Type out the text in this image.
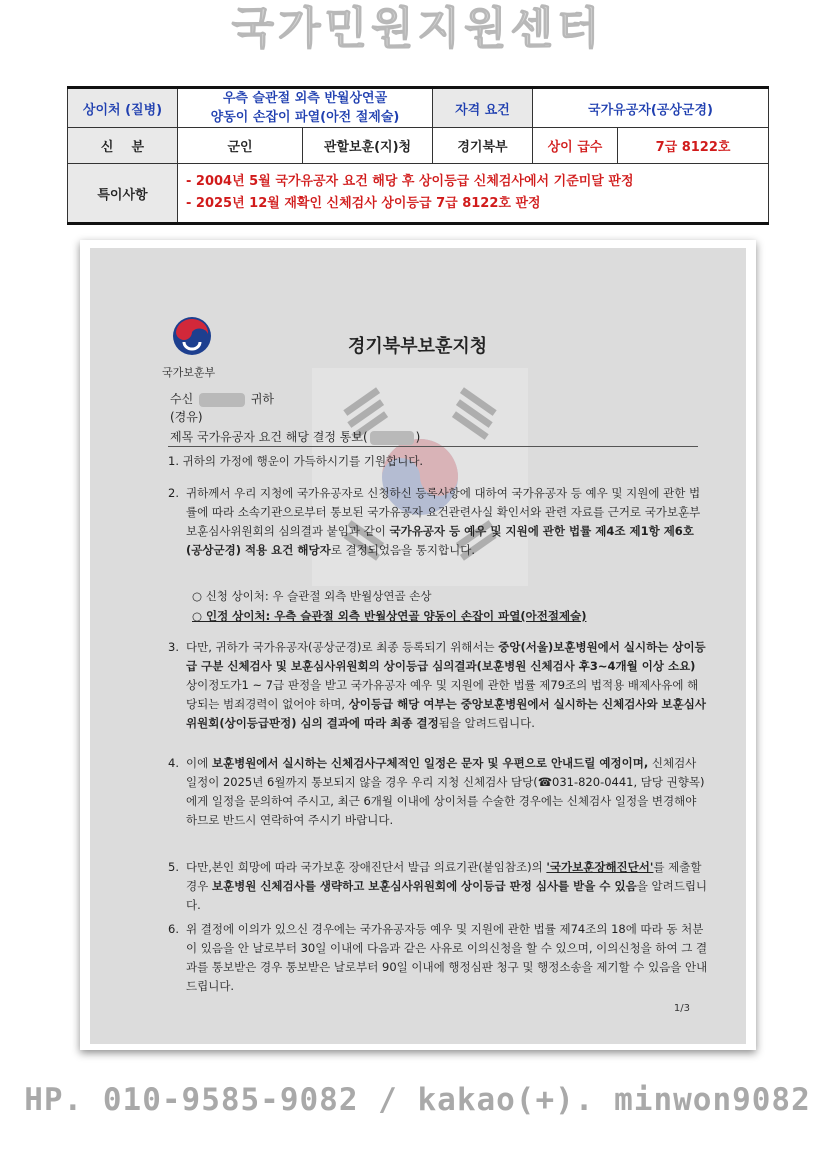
국가민원지원센터
상이처 (질병)	우측 슬관절 외측 반월상연골
양동이 손잡이 파열(아전 절제술)		자격 요건	국가유공자(공상군경)	
신    분	군인	관할보훈(지)청	경기북부	상이 급수	7급 8122호
특이사항	- 2004년 5월 국가유공자 요건 해당 후 상이등급 신체검사에서 기준미달 판정
- 2025년 12월 재확인 신체검사 상이등급 7급 8122호 판정				
국가보훈부
경기북부보훈지청
수신	귀하
(경유)
제목 국가유공자 요건 해당 결정 통보(	)
1. 귀하의 가정에 행운이 가득하시기를 기원합니다.
2. 귀하께서 우리 지청에 국가유공자로 신청하신 등록사항에 대하여 국가유공자 등 예우 및 지원에 관한 법률에 따라 소속기관으로부터 통보된 국가유공자 요건관련사실 확인서와 관련 자료를 근거로 국가보훈부 보훈심사위원회의 심의결과 붙임과 같이 국가유공자 등 예우 및 지원에 관한 법률 제4조 제1항 제6호(공상군경) 적용 요건 해당자로 결정되었음을 통지합니다.
○ 신청 상이처: 우 슬관절 외측 반월상연골 손상
○ 인정 상이처: 우측 슬관절 외측 반월상연골 양동이 손잡이 파열(아전절제술)
3. 다만, 귀하가 국가유공자(공상군경)로 최종 등록되기 위해서는 중앙(서울)보훈병원에서 실시하는 상이등급 구분 신체검사 및 보훈심사위원회의 상이등급 심의결과(보훈병원 신체검사 후3~4개월 이상 소요) 상이정도가1 ~ 7급 판정을 받고 국가유공자 예우 및 지원에 관한 법률 제79조의 법적용 배제사유에 해당되는 범죄경력이 없어야 하며, 상이등급 해당 여부는 중앙보훈병원에서 실시하는 신체검사와 보훈심사위원회(상이등급판정) 심의 결과에 따라 최종 결정됨을 알려드립니다.
4. 이에 보훈병원에서 실시하는 신체검사구체적인 일정은 문자 및 우편으로 안내드릴 예정이며, 신체검사 일정이 2025년 6월까지 통보되지 않을 경우 우리 지청 신체검사 담당(☎031-820-0441, 담당 권향목)에게 일정을 문의하여 주시고, 최근 6개월 이내에 상이처를 수술한 경우에는 신체검사 일정을 변경해야 하므로 반드시 연락하여 주시기 바랍니다.
5. 다만,본인 희망에 따라 국가보훈 장애진단서 발급 의료기관(붙임참조)의 '국가보훈장해진단서'를 제출할 경우 보훈병원 신체검사를 생략하고 보훈심사위원회에 상이등급 판정 심사를 받을 수 있음을 알려드립니다.
6. 위 결정에 이의가 있으신 경우에는 국가유공자등 예우 및 지원에 관한 법률 제74조의 18에 따라 동 처분이 있음을 안 날로부터 30일 이내에 다음과 같은 사유로 이의신청을 할 수 있으며, 이의신청을 하여 그 결과를 통보받은 경우 통보받은 날로부터 90일 이내에 행정심판 청구 및 행정소송을 제기할 수 있음을 안내드립니다.
1/3
HP. 010-9585-9082 / kakao(+). minwon9082
